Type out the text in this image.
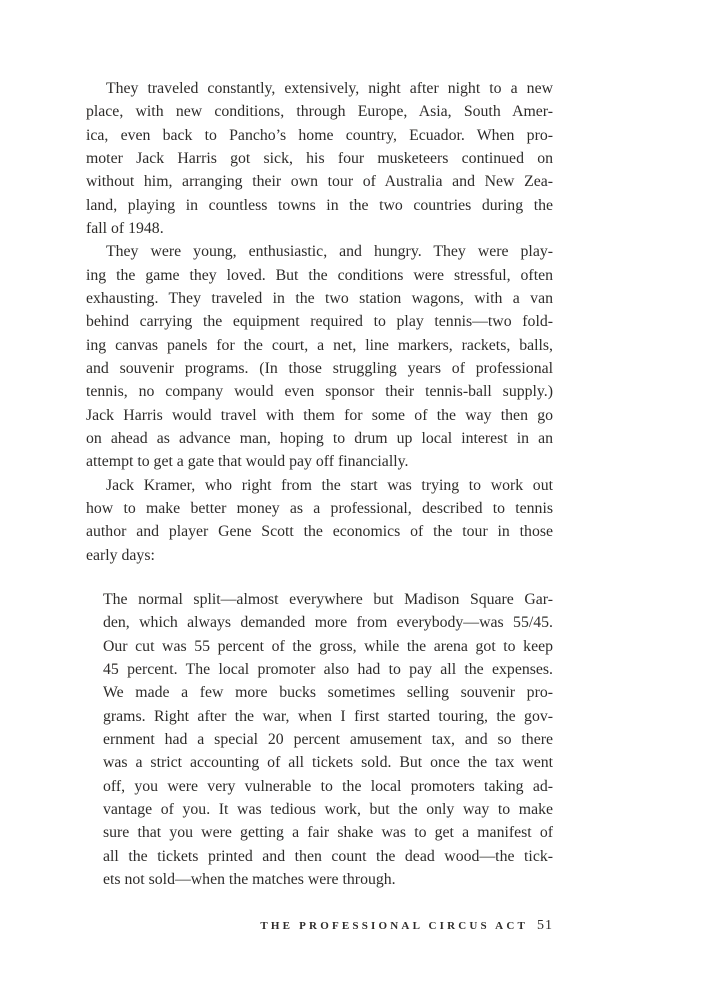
They traveled constantly, extensively, night after night to a new
place, with new conditions, through Europe, Asia, South Amer-
ica, even back to Pancho’s home country, Ecuador. When pro-
moter Jack Harris got sick, his four musketeers continued on
without him, arranging their own tour of Australia and New Zea-
land, playing in countless towns in the two countries during the
fall of 1948.
They were young, enthusiastic, and hungry. They were play-
ing the game they loved. But the conditions were stressful, often
exhausting. They traveled in the two station wagons, with a van
behind carrying the equipment required to play tennis—two fold-
ing canvas panels for the court, a net, line markers, rackets, balls,
and souvenir programs. (In those struggling years of professional
tennis, no company would even sponsor their tennis-ball supply.)
Jack Harris would travel with them for some of the way then go
on ahead as advance man, hoping to drum up local interest in an
attempt to get a gate that would pay off financially.
Jack Kramer, who right from the start was trying to work out
how to make better money as a professional, described to tennis
author and player Gene Scott the economics of the tour in those
early days:
The normal split—almost everywhere but Madison Square Gar-
den, which always demanded more from everybody—was 55/45.
Our cut was 55 percent of the gross, while the arena got to keep
45 percent. The local promoter also had to pay all the expenses.
We made a few more bucks sometimes selling souvenir pro-
grams. Right after the war, when I first started touring, the gov-
ernment had a special 20 percent amusement tax, and so there
was a strict accounting of all tickets sold. But once the tax went
off, you were very vulnerable to the local promoters taking ad-
vantage of you. It was tedious work, but the only way to make
sure that you were getting a fair shake was to get a manifest of
all the tickets printed and then count the dead wood—the tick-
ets not sold—when the matches were through.
THE PROFESSIONAL CIRCUS ACT 51
